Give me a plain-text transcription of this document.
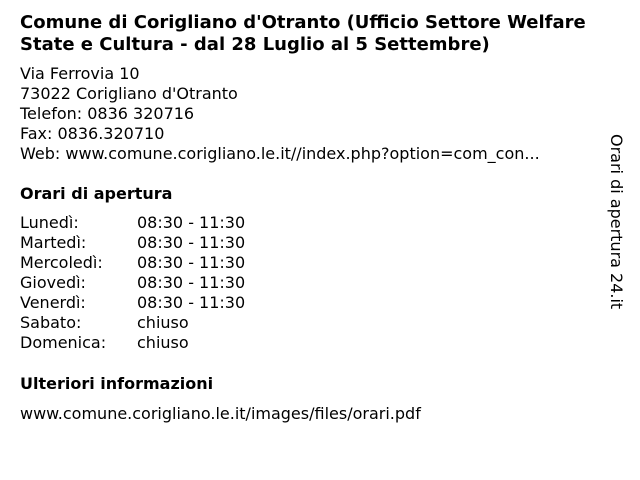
Comune di Corigliano d'Otranto (Ufficio Settore Welfare State e Cultura - dal 28 Luglio al 5 Settembre)
Via Ferrovia 10
73022 Corigliano d'Otranto
Telefon: 0836 320716
Fax: 0836.320710
Web: www.comune.corigliano.le.it//index.php?option=com_con...
Orari di apertura
Lunedì:	08:30 - 11:30
Martedì:	08:30 - 11:30
Mercoledì: 08:30 - 11:30
Giovedì:	08:30 - 11:30
Venerdì:	08:30 - 11:30
Sabato:	chiuso
Domenica: chiuso
Ulteriori informazioni
www.comune.corigliano.le.it/images/files/orari.pdf
Orari di apertura 24.it
